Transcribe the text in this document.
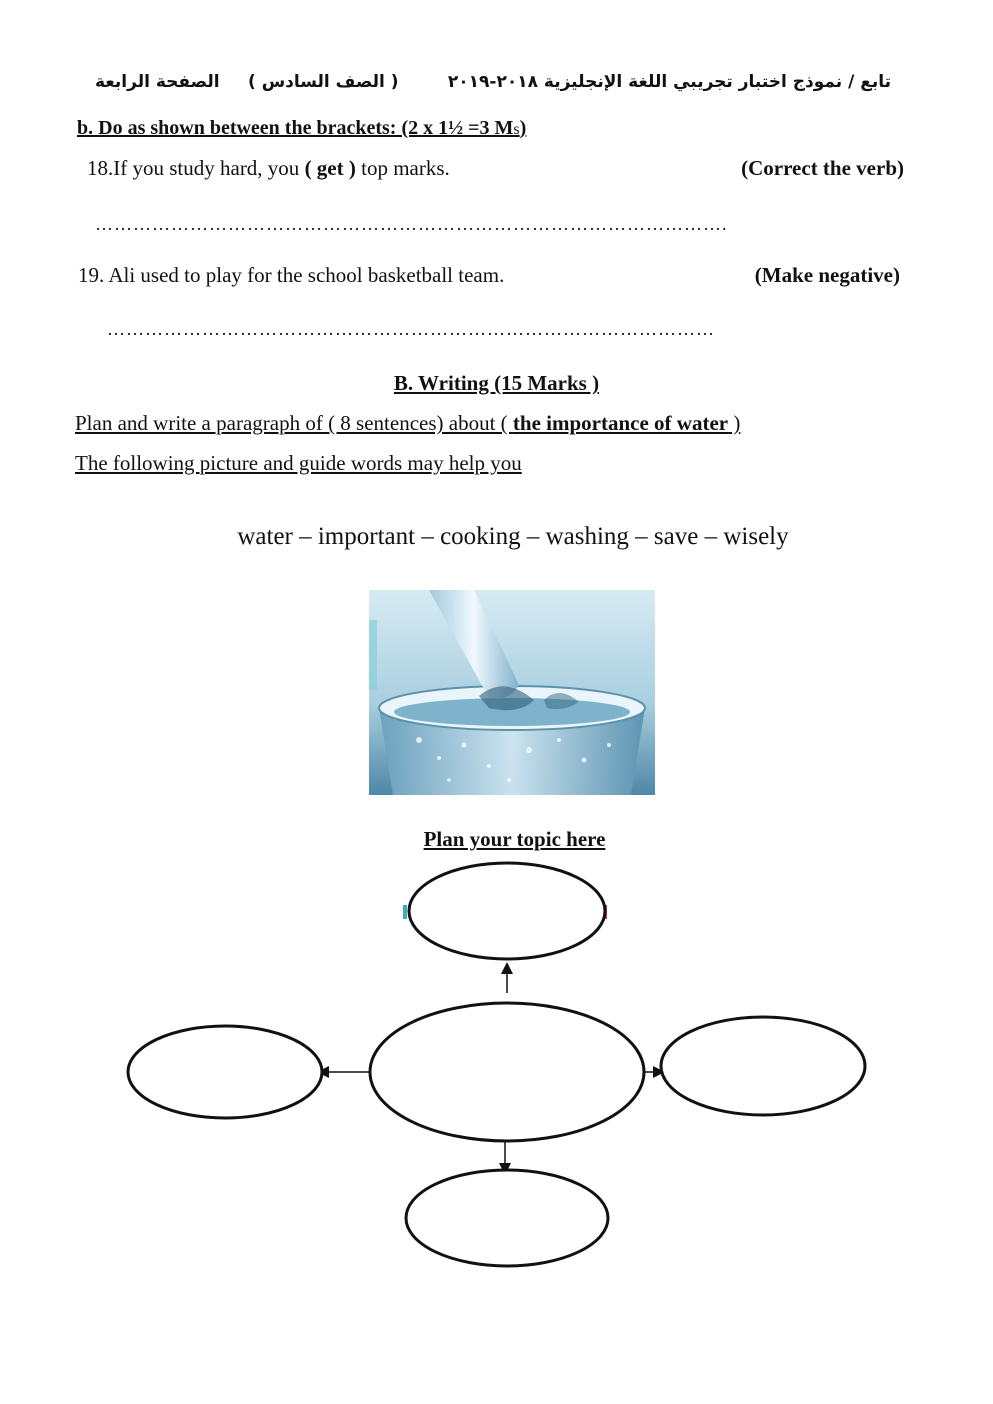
تابع / نموذج اختبار تجريبي اللغة الإنجليزية ٢٠١٨-٢٠١٩
( الصف السادس )
الصفحة الرابعة
b. Do as shown between the brackets: (2 x 1½ =3 Ms)
18.If you study hard, you ( get ) top marks.	(Correct the verb)
……………………………………………………………………………………….
19. Ali used to play for the school basketball team.	(Make negative)
……………………………………………………………………………………
B. Writing (15 Marks )
Plan and write a paragraph of ( 8 sentences) about ( the importance of water )
The following picture and guide words may help you
water – important – cooking – washing – save – wisely
Plan your topic here
